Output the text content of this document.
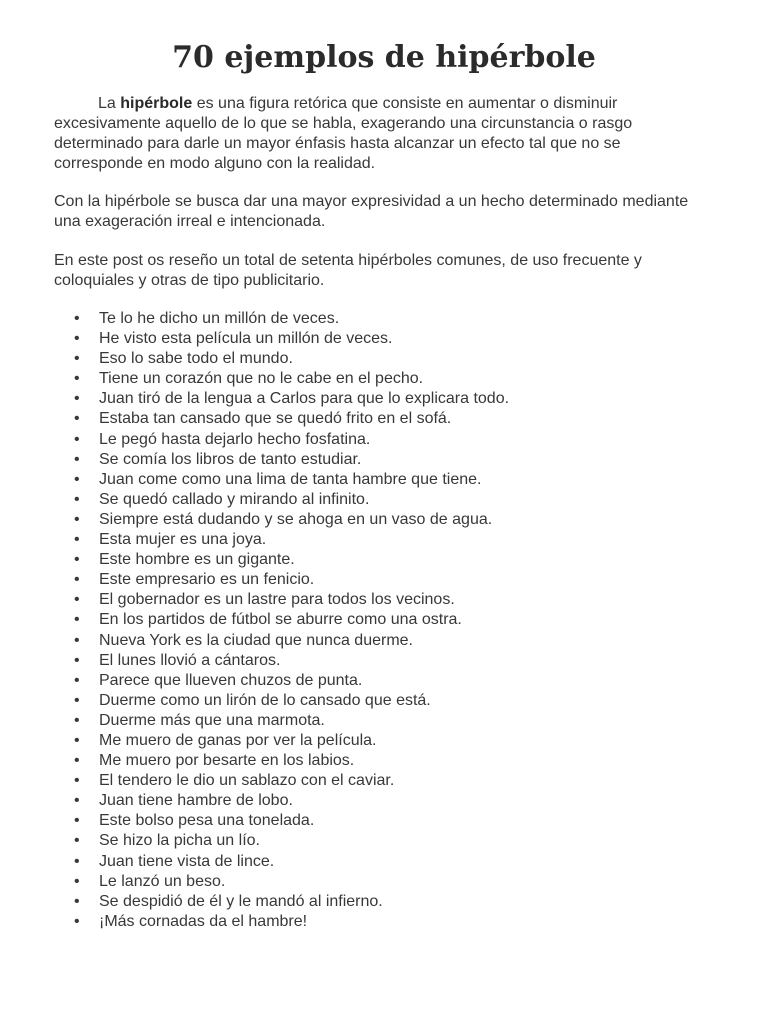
70 ejemplos de hipérbole

La hipérbole es una figura retórica que consiste en aumentar o disminuir excesivamente aquello de lo que se habla, exagerando una circunstancia o rasgo determinado para darle un mayor énfasis hasta alcanzar un efecto tal que no se corresponde en modo alguno con la realidad.

Con la hipérbole se busca dar una mayor expresividad a un hecho determinado mediante una exageración irreal e intencionada.

En este post os reseño un total de setenta hipérboles comunes, de uso frecuente y coloquiales y otras de tipo publicitario.

• Te lo he dicho un millón de veces.
• He visto esta película un millón de veces.
• Eso lo sabe todo el mundo.
• Tiene un corazón que no le cabe en el pecho.
• Juan tiró de la lengua a Carlos para que lo explicara todo.
• Estaba tan cansado que se quedó frito en el sofá.
• Le pegó hasta dejarlo hecho fosfatina.
• Se comía los libros de tanto estudiar.
• Juan come como una lima de tanta hambre que tiene.
• Se quedó callado y mirando al infinito.
• Siempre está dudando y se ahoga en un vaso de agua.
• Esta mujer es una joya.
• Este hombre es un gigante.
• Este empresario es un fenicio.
• El gobernador es un lastre para todos los vecinos.
• En los partidos de fútbol se aburre como una ostra.
• Nueva York es la ciudad que nunca duerme.
• El lunes llovió a cántaros.
• Parece que llueven chuzos de punta.
• Duerme como un lirón de lo cansado que está.
• Duerme más que una marmota.
• Me muero de ganas por ver la película.
• Me muero por besarte en los labios.
• El tendero le dio un sablazo con el caviar.
• Juan tiene hambre de lobo.
• Este bolso pesa una tonelada.
• Se hizo la picha un lío.
• Juan tiene vista de lince.
• Le lanzó un beso.
• Se despidió de él y le mandó al infierno.
• ¡Más cornadas da el hambre!
